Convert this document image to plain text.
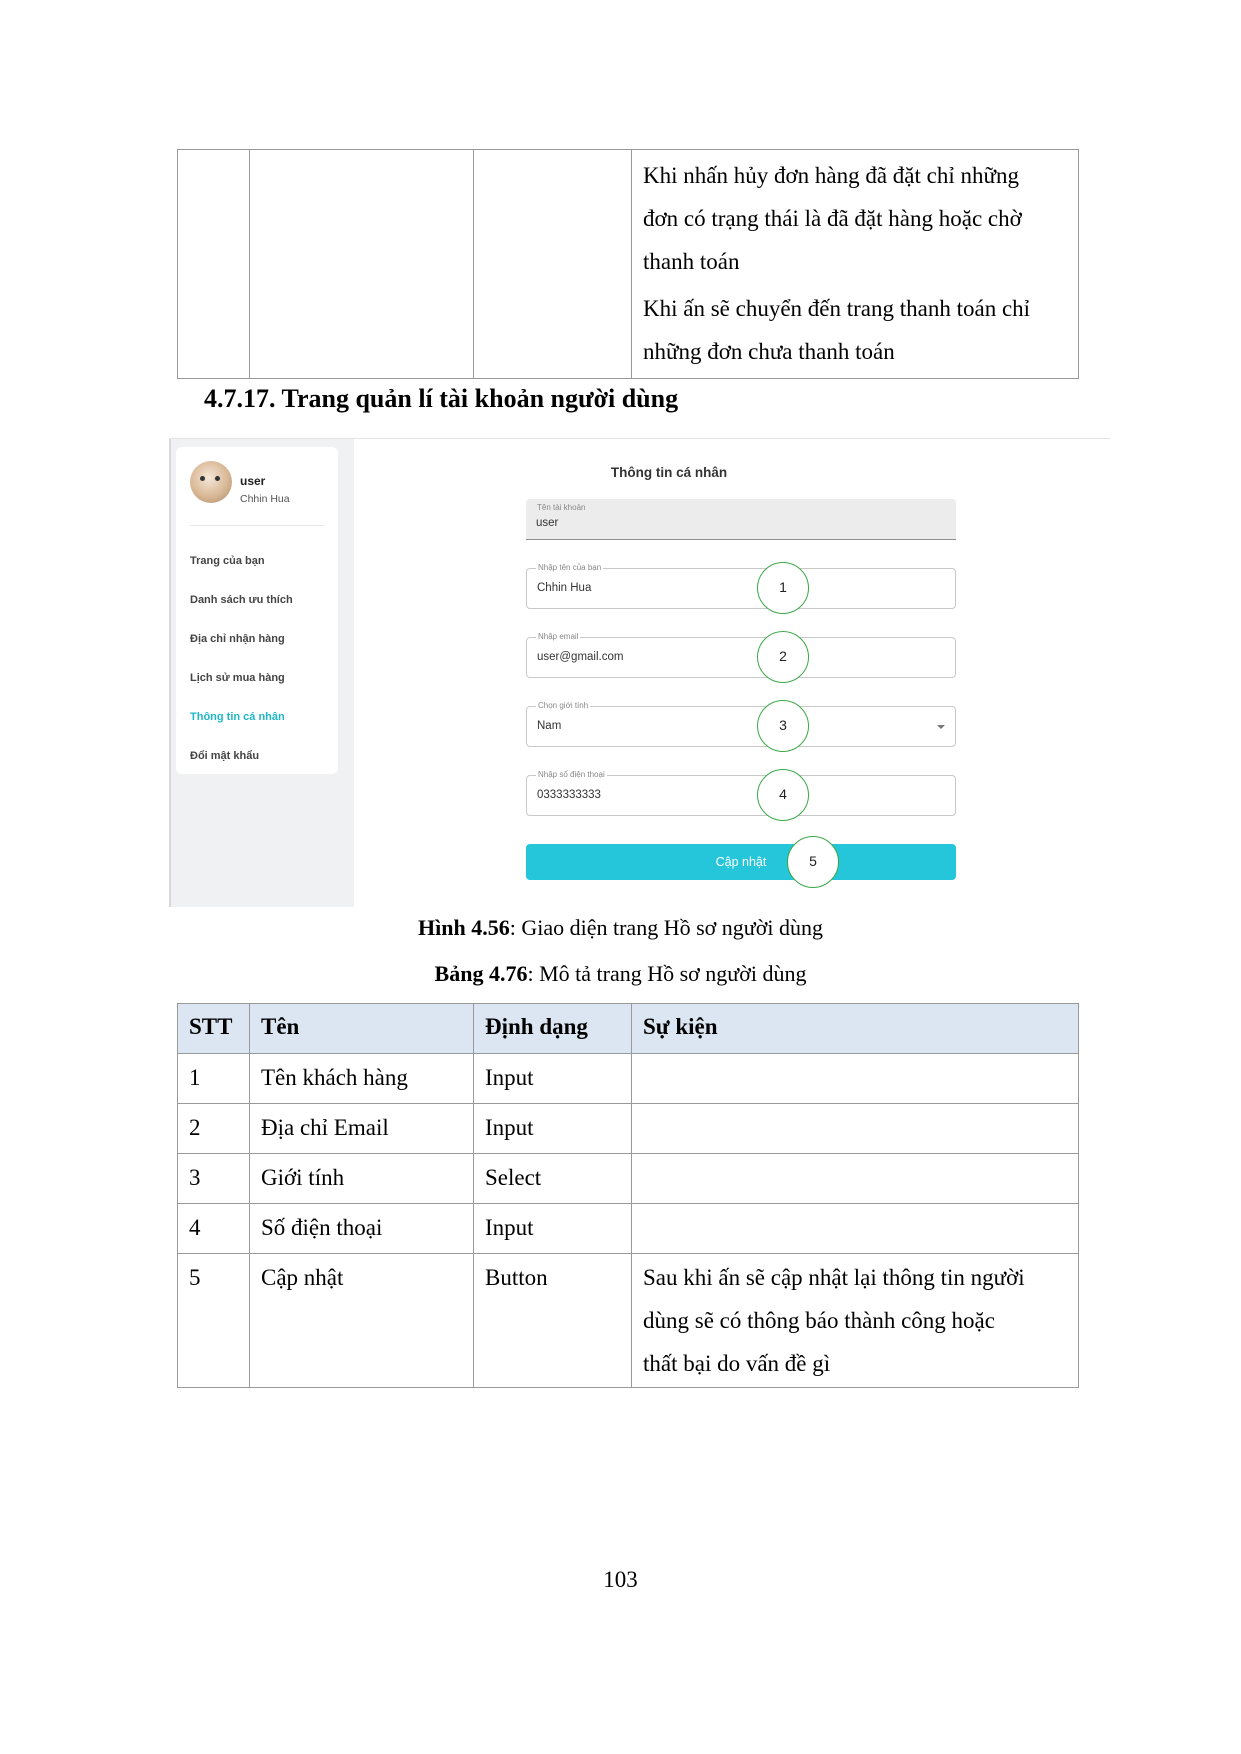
Khi nhấn hủy đơn hàng đã đặt chỉ những
đơn có trạng thái là đã đặt hàng hoặc chờ
thanh toán
Khi ấn sẽ chuyển đến trang thanh toán chỉ
những đơn chưa thanh toán
4.7.17. Trang quản lí tài khoản người dùng
user
Chhin Hua
Trang của bạn
Danh sách ưu thích
Địa chỉ nhận hàng
Lịch sử mua hàng
Thông tin cá nhân
Đổi mật khẩu
Thông tin cá nhân
Tên tài khoản
user
Nhập tên của bạn
Chhin Hua
Nhập email
user@gmail.com
Chọn giới tính
Nam
Nhập số điện thoại
0333333333
Cập nhật
1
2
3
4
5
Hình 4.56: Giao diện trang Hồ sơ người dùng
Bảng 4.76: Mô tả trang Hồ sơ người dùng
STT	Tên	Định dạng	Sự kiện
1	Tên khách hàng	Input	
2	Địa chỉ Email	Input	
3	Giới tính	Select	
4	Số điện thoại	Input	
5	Cập nhật	Button	Sau khi ấn sẽ cập nhật lại thông tin người
dùng sẽ có thông báo thành công hoặc
thất bại do vấn đề gì
103
